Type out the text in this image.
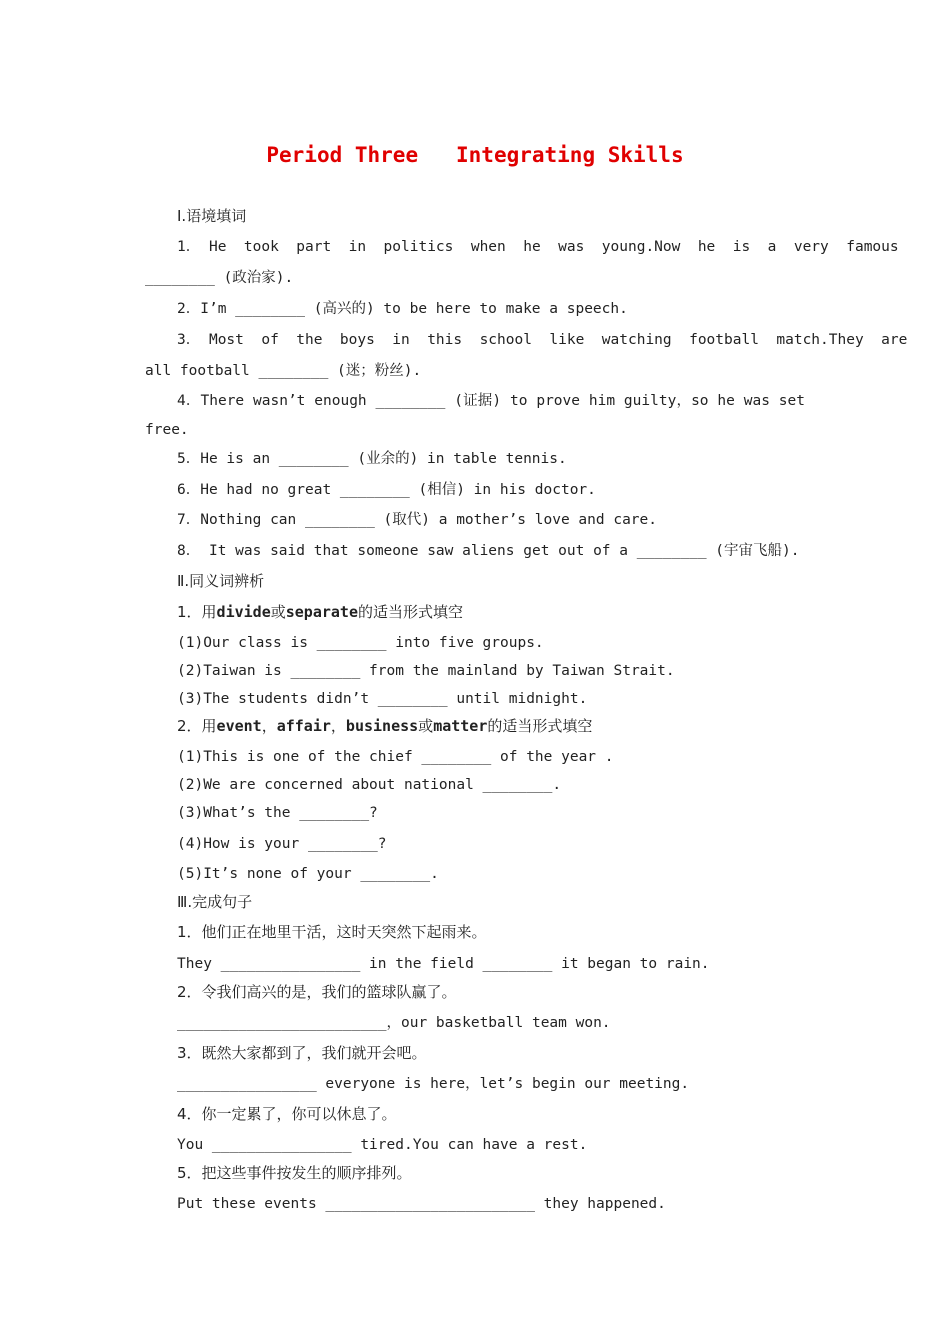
Period Three   Integrating Skills
Ⅰ.语境填词
1． He  took  part  in  politics  when  he  was  young.Now  he  is  a  very  famous
________ (政治家).
2．I’m ________ (高兴的) to be here to make a speech.
3． Most  of  the  boys  in  this  school  like  watching  football  match.They  are
all football ________ (迷；粉丝).
4．There wasn’t enough ________ (证据) to prove him guilty，so he was set
free.
5．He is an ________ (业余的) in table tennis.
6．He had no great ________ (相信) in his doctor.
7．Nothing can ________ (取代) a mother’s love and care.
8． It was said that someone saw aliens get out of a ________ (宇宙飞船).
Ⅱ.同义词辨析
1．用divide或separate的适当形式填空
(1)Our class is ________ into five groups.
(2)Taiwan is ________ from the mainland by Taiwan Strait.
(3)The students didn’t ________ until midnight.
2．用event，affair，business或matter的适当形式填空
(1)This is one of the chief ________ of the year .
(2)We are concerned about national ________.
(3)What’s the ________?
(4)How is your ________?
(5)It’s none of your ________.
Ⅲ.完成句子
1．他们正在地里干活，这时天突然下起雨来。
They ________________ in the field ________ it began to rain.
2．令我们高兴的是，我们的篮球队赢了。
________________________，our basketball team won.
3．既然大家都到了，我们就开会吧。
________________ everyone is here，let’s begin our meeting.
4．你一定累了，你可以休息了。
You ________________ tired.You can have a rest.
5．把这些事件按发生的顺序排列。
Put these events ________________________ they happened.
